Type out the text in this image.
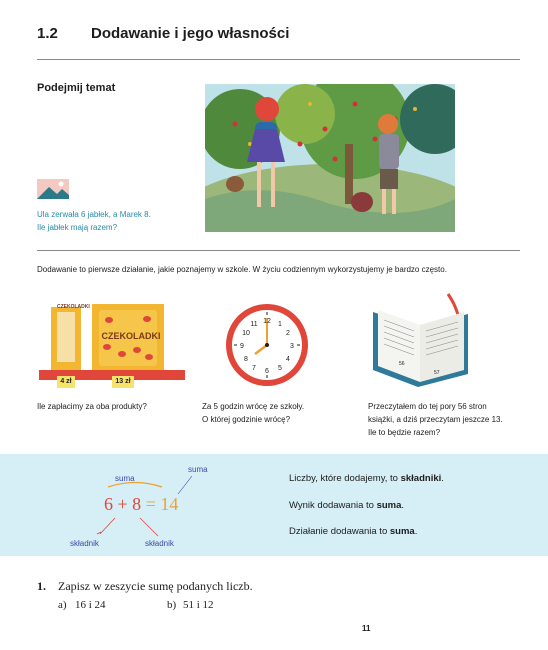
1.2 Dodawanie i jego własności
Podejmij temat
Ula zerwała 6 jabłek, a Marek 8.
Ile jabłek mają razem?
Dodawanie to pierwsze działanie, jakie poznajemy w szkole. W życiu codziennym wykorzystujemy je bardzo często.
CZEKOLADKI
CZEKOLADKI
4 zł	13 zł
Ile zapłacimy za oba produkty?
12 1
2
3
4
5
6
7
8
9
10
11
Za 5 godzin wrócę ze szkoły.
O której godzinie wrócę?
56
57
Przeczytałem do tej pory 56 stron
książki, a dziś przeczytam jeszcze 13.
Ile to będzie razem?
suma
suma
6 + 8 = 14
składnik	składnik
Liczby, które dodajemy, to składniki.
Wynik dodawania to suma.
Działanie dodawania to suma.
1. Zapisz w zeszycie sumę podanych liczb.
a) 16 i 24	b) 51 i 12
11
